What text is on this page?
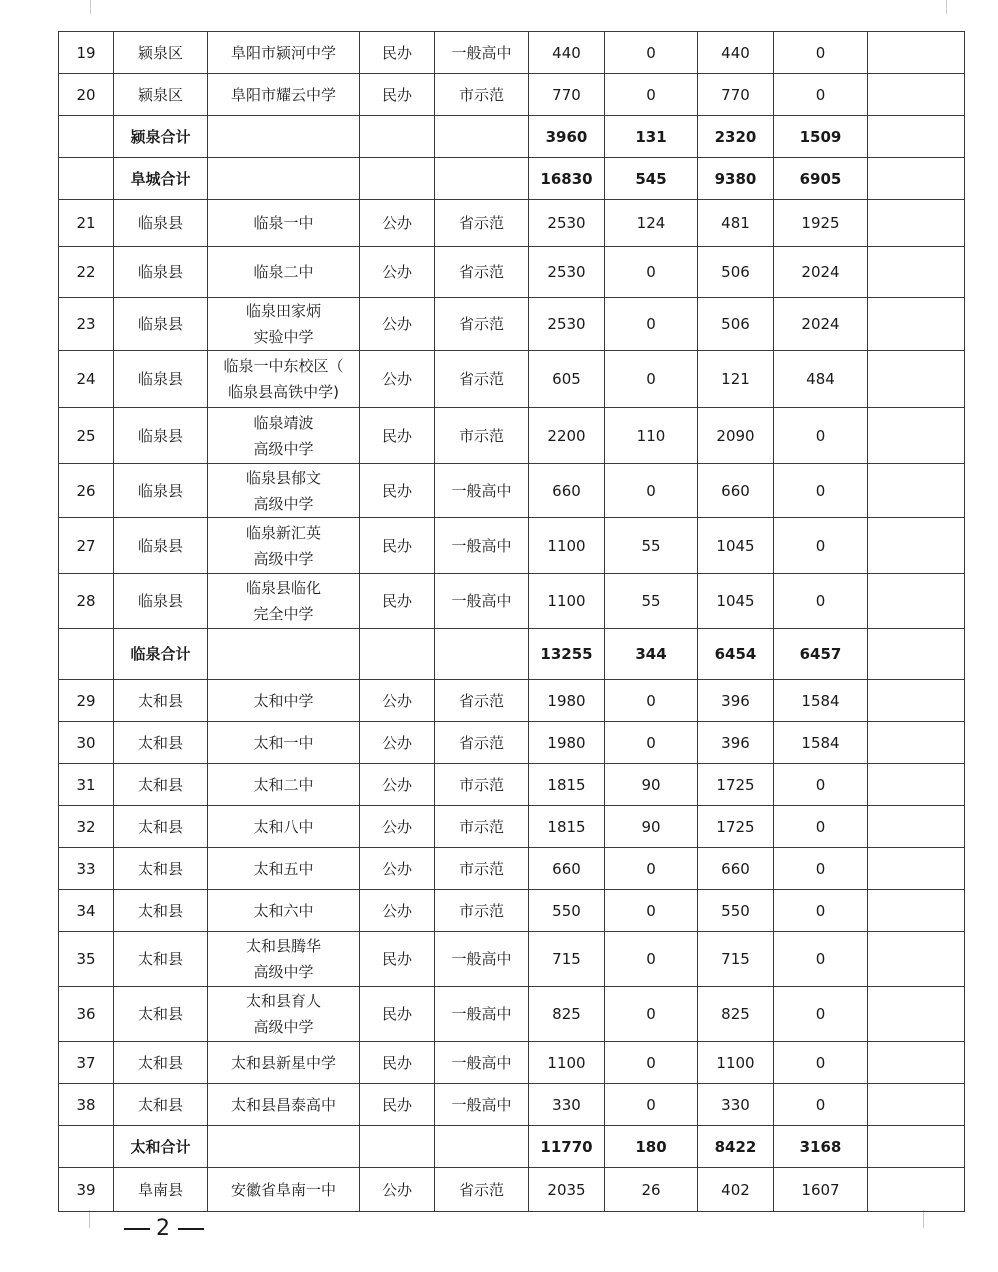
19	颍泉区	阜阳市颍河中学	民办	一般高中	440	0	440	0	
20	颍泉区	阜阳市耀云中学	民办	市示范	770	0	770	0	
	颍泉合计				3960	131	2320	1509	
	阜城合计				16830	545	9380	6905	
21	临泉县	临泉一中	公办	省示范	2530	124	481	1925	
22	临泉县	临泉二中	公办	省示范	2530	0	506	2024	
23	临泉县	临泉田家炳
实验中学	公办	省示范	2530	0	506	2024	
24	临泉县	临泉一中东校区（
临泉县高铁中学)	公办	省示范	605	0	121	484	
25	临泉县	临泉靖波
高级中学	民办	市示范	2200	110	2090	0	
26	临泉县	临泉县郁文
高级中学	民办	一般高中	660	0	660	0	
27	临泉县	临泉新汇英
高级中学	民办	一般高中	1100	55	1045	0	
28	临泉县	临泉县临化
完全中学	民办	一般高中	1100	55	1045	0	
	临泉合计				13255	344	6454	6457	
29	太和县	太和中学	公办	省示范	1980	0	396	1584	
30	太和县	太和一中	公办	省示范	1980	0	396	1584	
31	太和县	太和二中	公办	市示范	1815	90	1725	0	
32	太和县	太和八中	公办	市示范	1815	90	1725	0	
33	太和县	太和五中	公办	市示范	660	0	660	0	
34	太和县	太和六中	公办	市示范	550	0	550	0	
35	太和县	太和县腾华
高级中学	民办	一般高中	715	0	715	0	
36	太和县	太和县育人
高级中学	民办	一般高中	825	0	825	0	
37	太和县	太和县新星中学	民办	一般高中	1100	0	1100	0	
38	太和县	太和县昌泰高中	民办	一般高中	330	0	330	0	
	太和合计				11770	180	8422	3168	
39	阜南县	安徽省阜南一中	公办	省示范	2035	26	402	1607	
2
